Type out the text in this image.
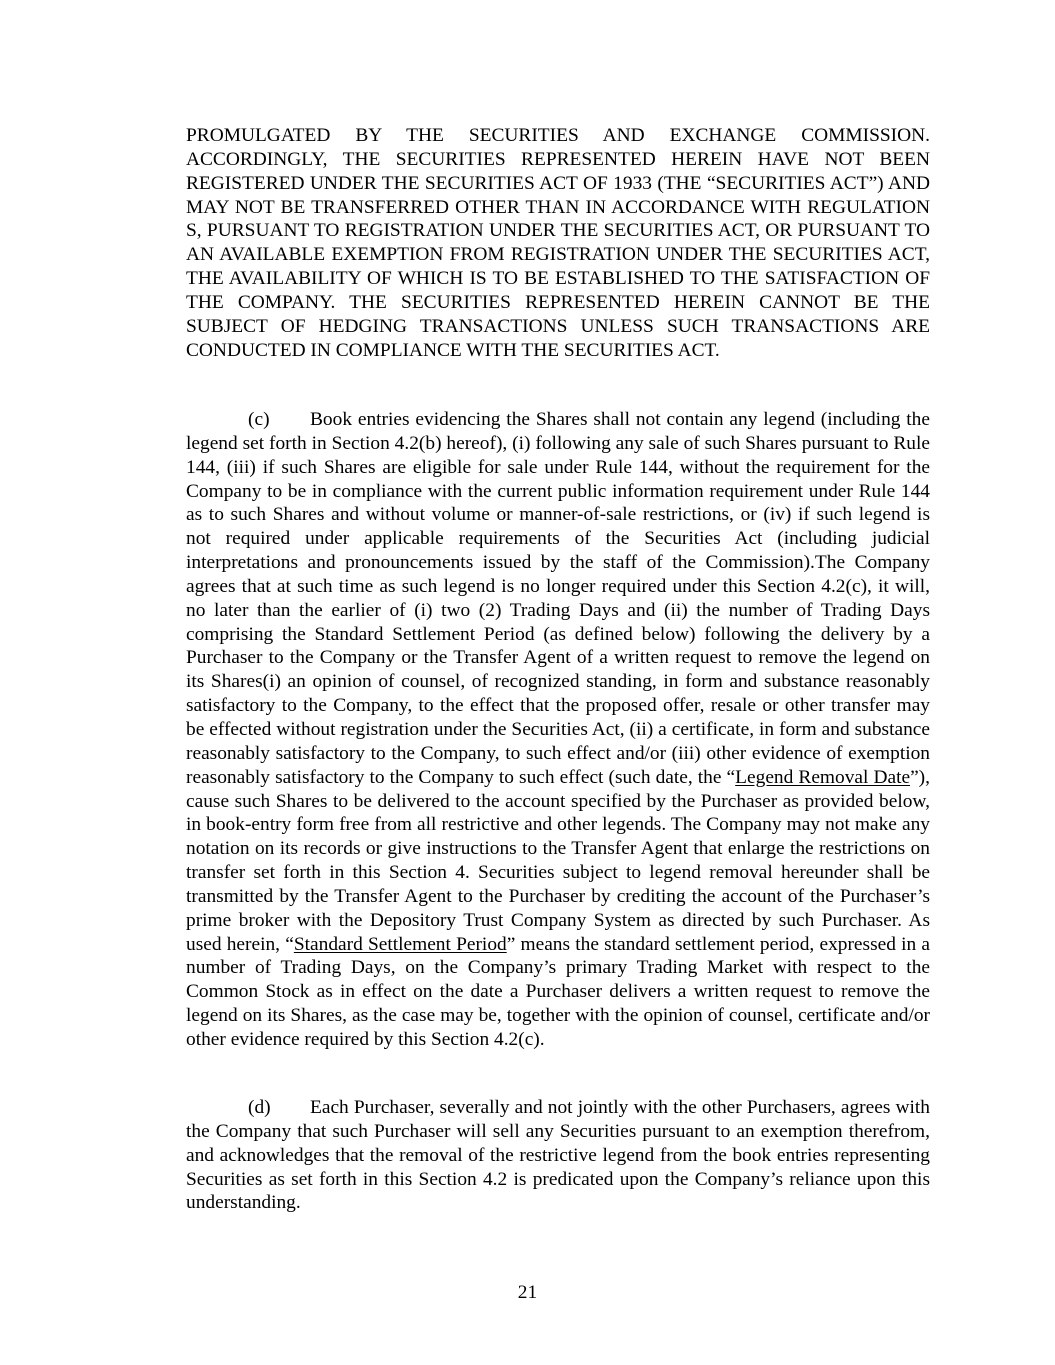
PROMULGATED BY THE SECURITIES AND EXCHANGE COMMISSION. ACCORDINGLY, THE SECURITIES REPRESENTED HEREIN HAVE NOT BEEN REGISTERED UNDER THE SECURITIES ACT OF 1933 (THE “SECURITIES ACT”) AND MAY NOT BE TRANSFERRED OTHER THAN IN ACCORDANCE WITH REGULATION S, PURSUANT TO REGISTRATION UNDER THE SECURITIES ACT, OR PURSUANT TO AN AVAILABLE EXEMPTION FROM REGISTRATION UNDER THE SECURITIES ACT, THE AVAILABILITY OF WHICH IS TO BE ESTABLISHED TO THE SATISFACTION OF THE COMPANY. THE SECURITIES REPRESENTED HEREIN CANNOT BE THE SUBJECT OF HEDGING TRANSACTIONS UNLESS SUCH TRANSACTIONS ARE CONDUCTED IN COMPLIANCE WITH THE SECURITIES ACT.

(c) Book entries evidencing the Shares shall not contain any legend (including the legend set forth in Section 4.2(b) hereof), (i) following any sale of such Shares pursuant to Rule 144, (iii) if such Shares are eligible for sale under Rule 144, without the requirement for the Company to be in compliance with the current public information requirement under Rule 144 as to such Shares and without volume or manner-of-sale restrictions, or (iv) if such legend is not required under applicable requirements of the Securities Act (including judicial interpretations and pronouncements issued by the staff of the Commission).The Company agrees that at such time as such legend is no longer required under this Section 4.2(c), it will, no later than the earlier of (i) two (2) Trading Days and (ii) the number of Trading Days comprising the Standard Settlement Period (as defined below) following the delivery by a Purchaser to the Company or the Transfer Agent of a written request to remove the legend on its Shares(i) an opinion of counsel, of recognized standing, in form and substance reasonably satisfactory to the Company, to the effect that the proposed offer, resale or other transfer may be effected without registration under the Securities Act, (ii) a certificate, in form and substance reasonably satisfactory to the Company, to such effect and/or (iii) other evidence of exemption reasonably satisfactory to the Company to such effect (such date, the “Legend Removal Date”), cause such Shares to be delivered to the account specified by the Purchaser as provided below, in book-entry form free from all restrictive and other legends. The Company may not make any notation on its records or give instructions to the Transfer Agent that enlarge the restrictions on transfer set forth in this Section 4. Securities subject to legend removal hereunder shall be transmitted by the Transfer Agent to the Purchaser by crediting the account of the Purchaser’s prime broker with the Depository Trust Company System as directed by such Purchaser. As used herein, “Standard Settlement Period” means the standard settlement period, expressed in a number of Trading Days, on the Company’s primary Trading Market with respect to the Common Stock as in effect on the date a Purchaser delivers a written request to remove the legend on its Shares, as the case may be, together with the opinion of counsel, certificate and/or other evidence required by this Section 4.2(c).

(d) Each Purchaser, severally and not jointly with the other Purchasers, agrees with the Company that such Purchaser will sell any Securities pursuant to an exemption therefrom, and acknowledges that the removal of the restrictive legend from the book entries representing Securities as set forth in this Section 4.2 is predicated upon the Company’s reliance upon this understanding.

21
